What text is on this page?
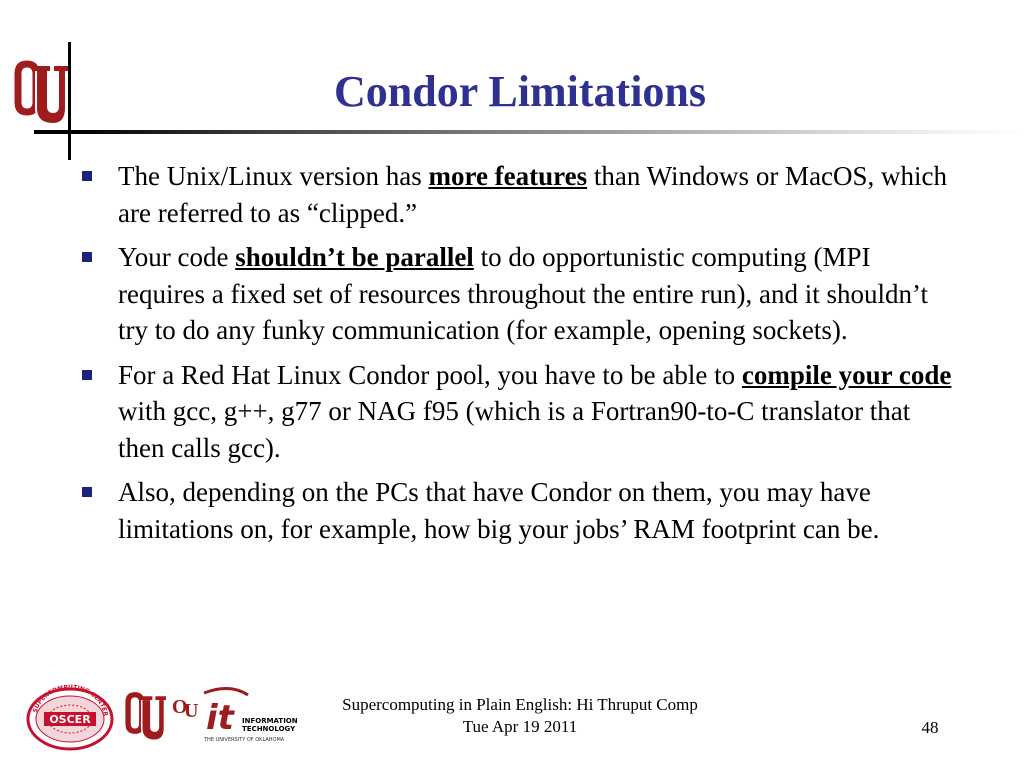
Condor Limitations
The Unix/Linux version has more features than Windows or MacOS, which are referred to as “clipped.”
Your code shouldn’t be parallel to do opportunistic computing (MPI requires a fixed set of resources throughout the entire run), and it shouldn’t try to do any funky communication (for example, opening sockets).
For a Red Hat Linux Condor pool, you have to be able to compile your code with gcc, g++, g77 or NAG f95 (which is a Fortran90-to-C translator that then calls gcc).
Also, depending on the PCs that have Condor on them, you may have limitations on, for example, how big your jobs’ RAM footprint can be.
SUPERCOMPUTING CENTER
OSCER
O
U it INFORMATION
TECHNOLOGY
THE UNIVERSITY OF OKLAHOMA
Supercomputing in Plain English: Hi Thruput Comp
Tue Apr 19 2011	48
